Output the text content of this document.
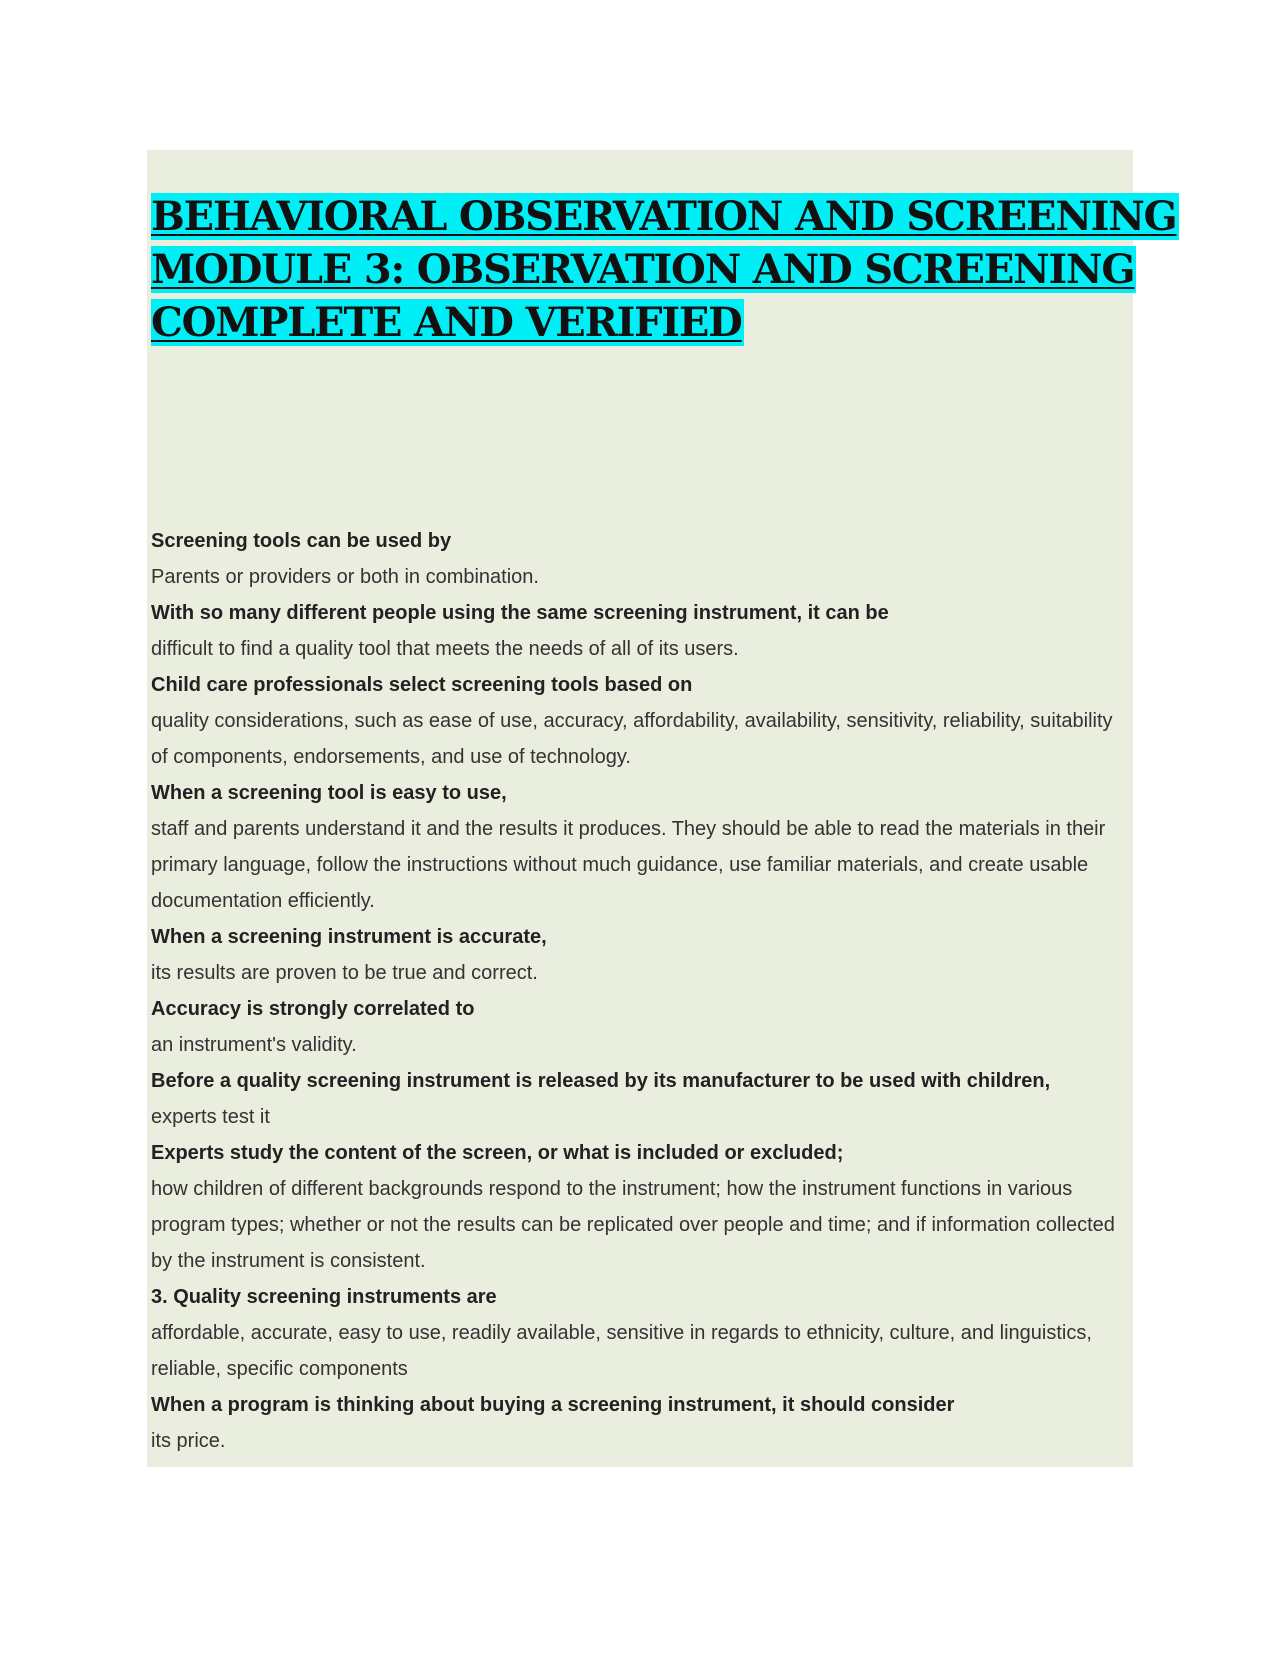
BEHAVIORAL OBSERVATION AND SCREENING
MODULE 3: OBSERVATION AND SCREENING
COMPLETE AND VERIFIED
Screening tools can be used by
Parents or providers or both in combination.
With so many different people using the same screening instrument, it can be
difficult to find a quality tool that meets the needs of all of its users.
Child care professionals select screening tools based on
quality considerations, such as ease of use, accuracy, affordability, availability, sensitivity, reliability, suitability of components, endorsements, and use of technology.
When a screening tool is easy to use,
staff and parents understand it and the results it produces. They should be able to read the materials in their primary language, follow the instructions without much guidance, use familiar materials, and create usable documentation efficiently.
When a screening instrument is accurate,
its results are proven to be true and correct.
Accuracy is strongly correlated to
an instrument's validity.
Before a quality screening instrument is released by its manufacturer to be used with children,
experts test it
Experts study the content of the screen, or what is included or excluded;
how children of different backgrounds respond to the instrument; how the instrument functions in various program types; whether or not the results can be replicated over people and time; and if information collected by the instrument is consistent.
3. Quality screening instruments are
affordable, accurate, easy to use, readily available, sensitive in regards to ethnicity, culture, and linguistics, reliable, specific components
When a program is thinking about buying a screening instrument, it should consider
its price.
